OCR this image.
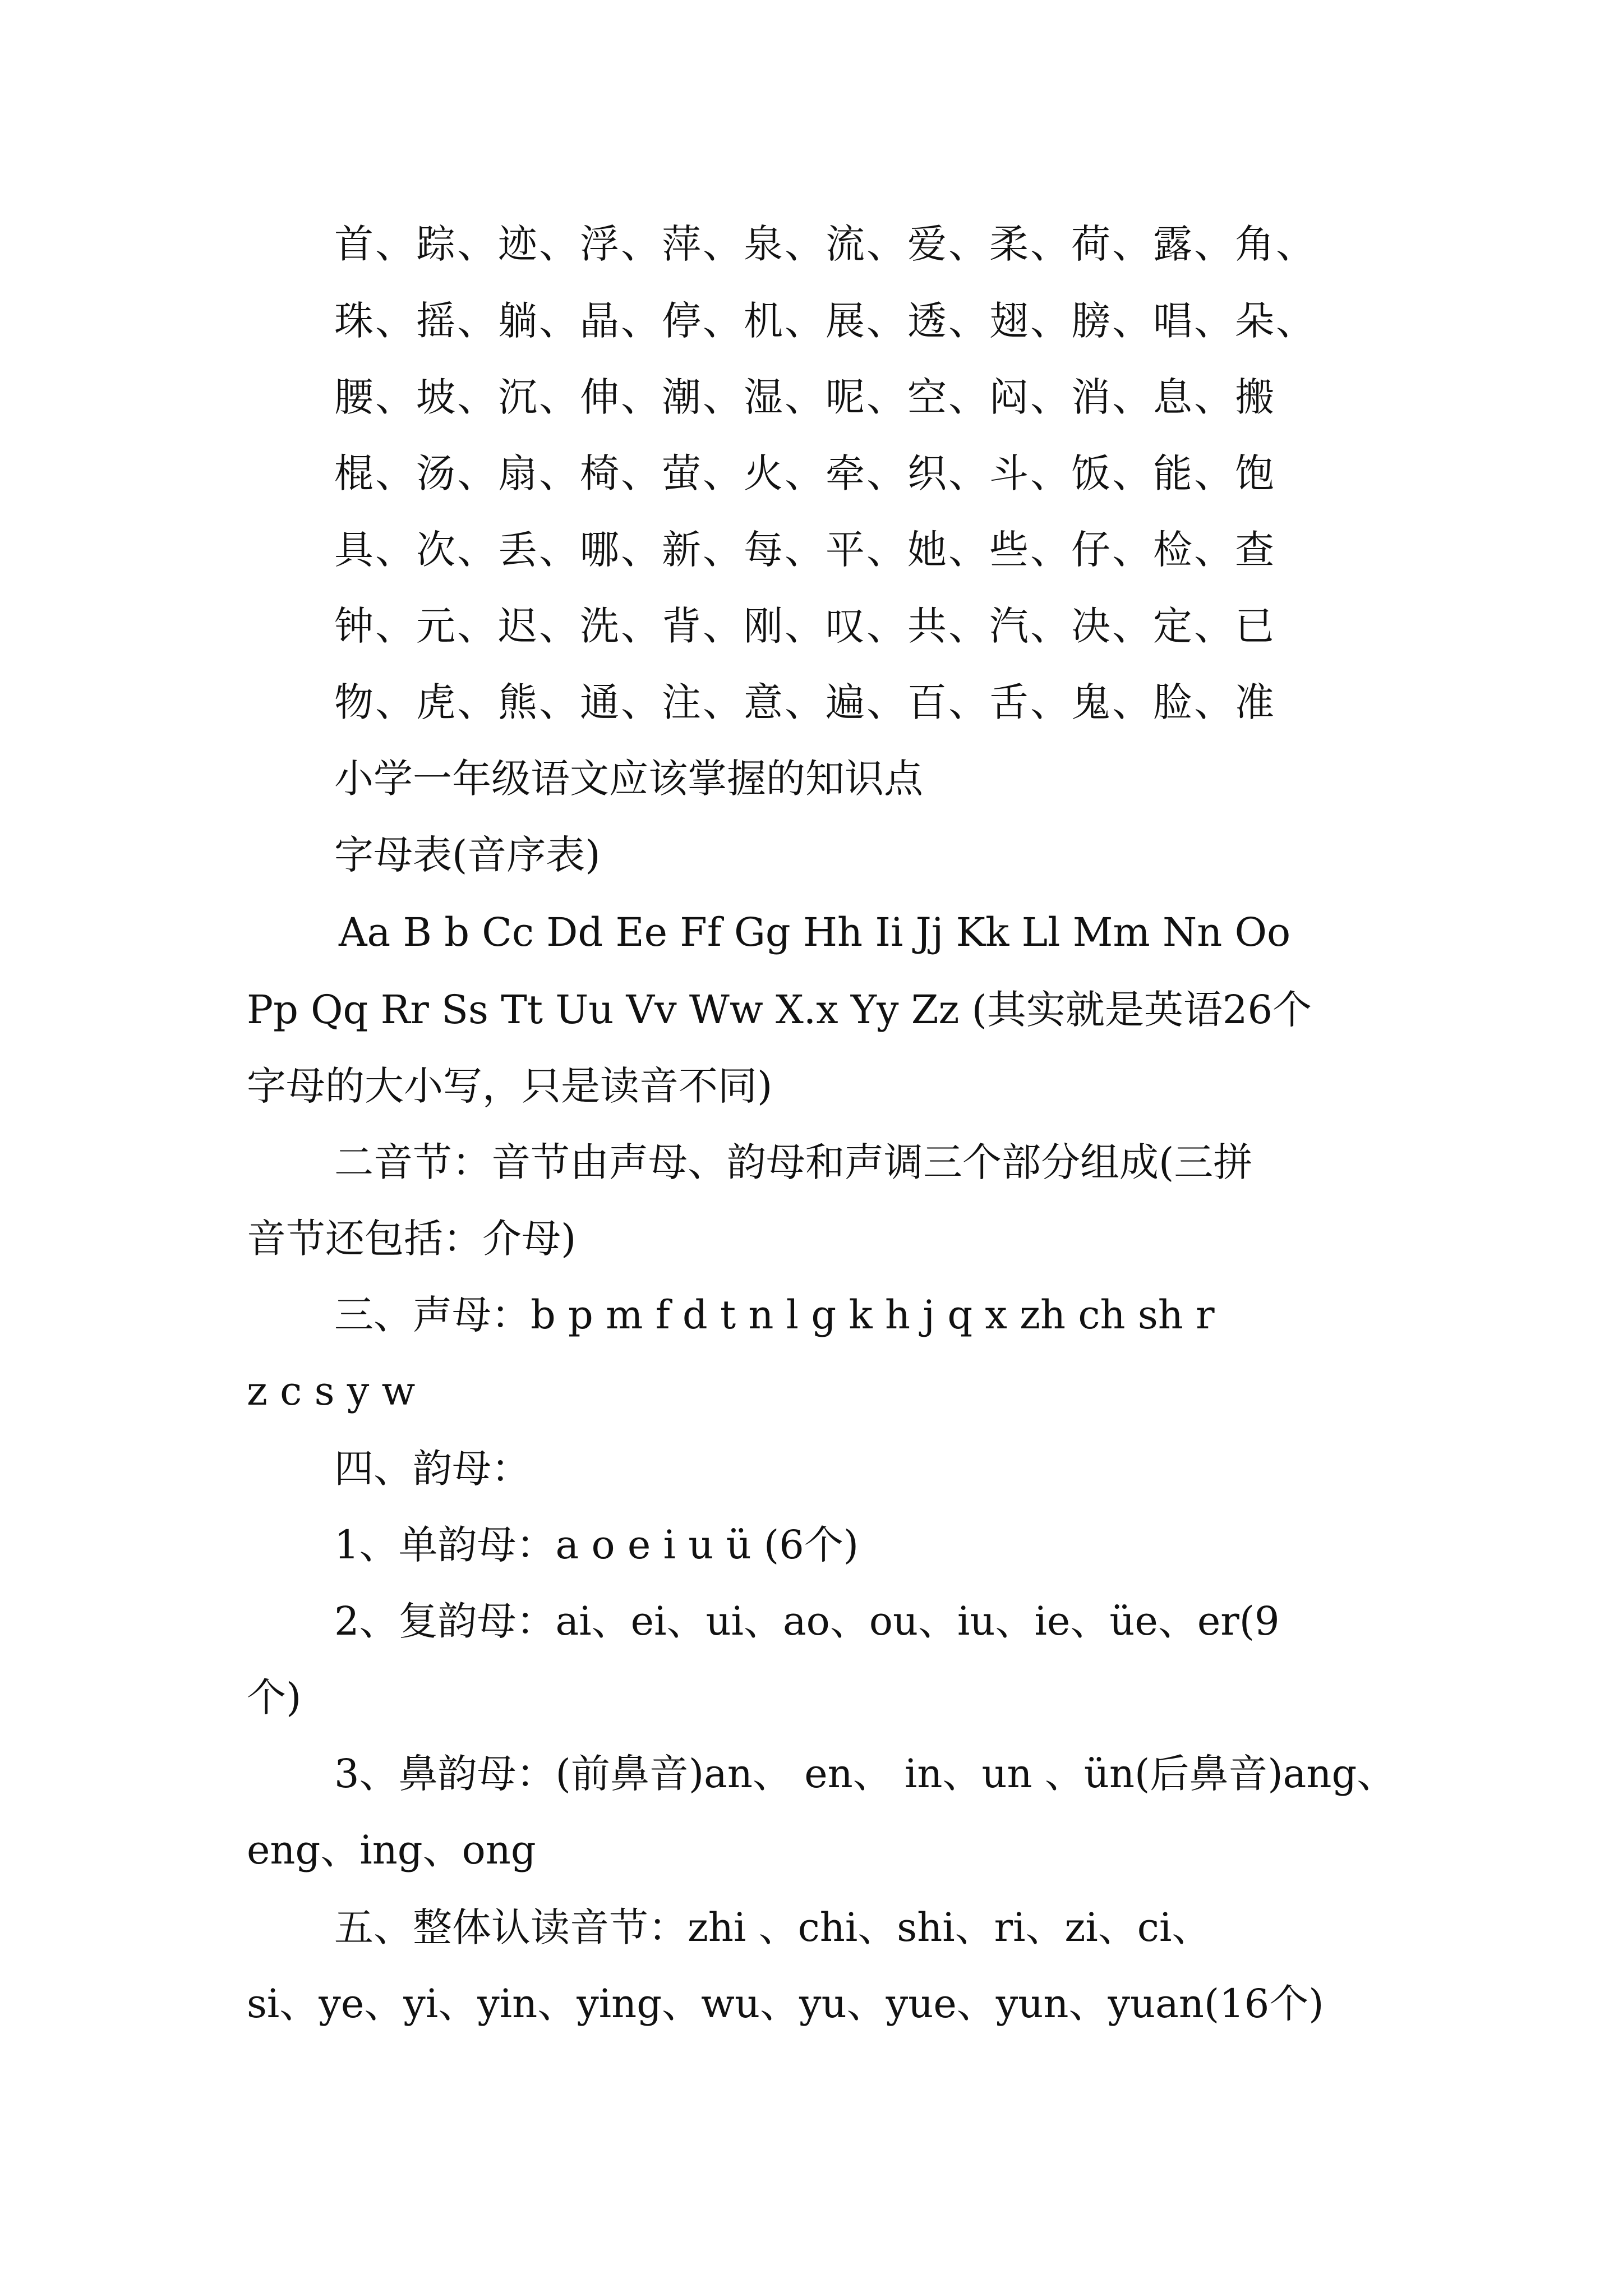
首、踪、迹、浮、萍、泉、流、爱、柔、荷、露、角、
珠、摇、躺、晶、停、机、展、透、翅、膀、唱、朵、
腰、坡、沉、伸、潮、湿、呢、空、闷、消、息、搬
棍、汤、扇、椅、萤、火、牵、织、斗、饭、能、饱
具、次、丢、哪、新、每、平、她、些、仔、检、查
钟、元、迟、洗、背、刚、叹、共、汽、决、定、已
物、虎、熊、通、注、意、遍、百、舌、鬼、脸、准
小学一年级语文应该掌握的知识点
字母表(音序表)
Aa B b Cc Dd Ee Ff Gg Hh Ii Jj Kk Ll Mm Nn Oo
Pp Qq Rr Ss Tt Uu Vv Ww X.x Yy Zz (其实就是英语26个
字母的大小写，只是读音不同)
二音节：音节由声母、韵母和声调三个部分组成(三拼
音节还包括：介母)
三、声母：b p m f d t n l g k h j q x zh ch sh r
z c s y w
四、韵母：
1、单韵母：a o e i u ü (6个)
2、复韵母：ai、ei、ui、ao、ou、iu、ie、üe、er(9
个)
3、鼻韵母：(前鼻音)an、 en、 in、un 、ün(后鼻音)ang、
eng、ing、ong
五、整体认读音节：zhi 、chi、shi、ri、zi、ci、
si、ye、yi、yin、ying、wu、yu、yue、yun、yuan(16个)
